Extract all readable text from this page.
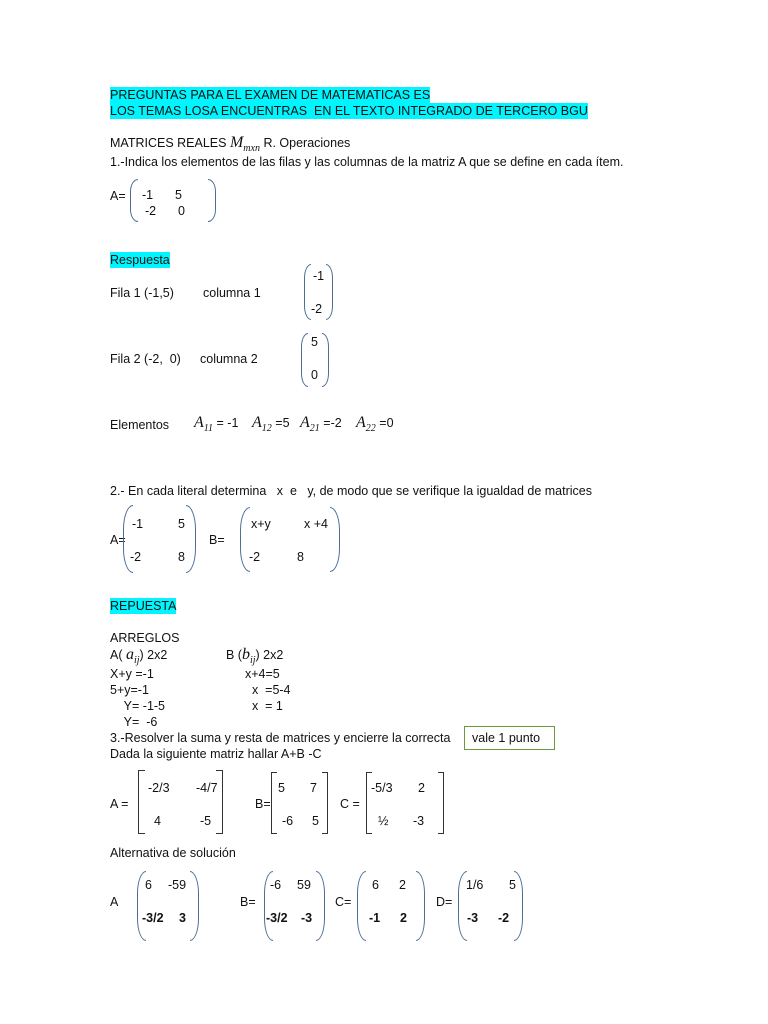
PREGUNTAS PARA EL EXAMEN DE MATEMATICAS ES
LOS TEMAS LOSA ENCUENTRAS  EN EL TEXTO INTEGRADO DE TERCERO BGU
MATRICES REALES $M_{mxn}$ R. Operaciones
1.-Indica los elementos de las filas y las columnas de la matriz A que se define en cada ítem.
A= -1 5
-2 0
Respuesta
Fila 1 (-1,5) columna 1
-1
-2
Fila 2 (-2,  0) columna 2
5
0
Elementos $A_{11} = -1$ $A_{12} =5$ $A_{21} =-2$ $A_{22} =0$
2.- En cada literal determina   x  e   y, de modo que se verifique la igualdad de matrices
A=
-1	5
-2	8
B=
x+y	x +4
-2	8
REPUESTA
ARREGLOS
A( $a_{ij}$) 2x2	B $(b_{ij})$ 2x2
X+y =-1
5+y=-1
Y= -1-5
Y=  -6
x+4=5
x  =5-4
x  = 1
3.-Resolver la suma y resta de matrices y encierre la correcta vale 1 punto
Dada la siguiente matriz hallar A+B -C
A =
-2/3 -4/7
4	-5
B=
5 7
-6 5
C =
-5/3 2
½ -3
Alternativa de solución
A
6 -59
-3/2 3
B=
-6 59
-3/2 -3
C=
6 2
-1 2
D=
1/6 5
-3 -2
